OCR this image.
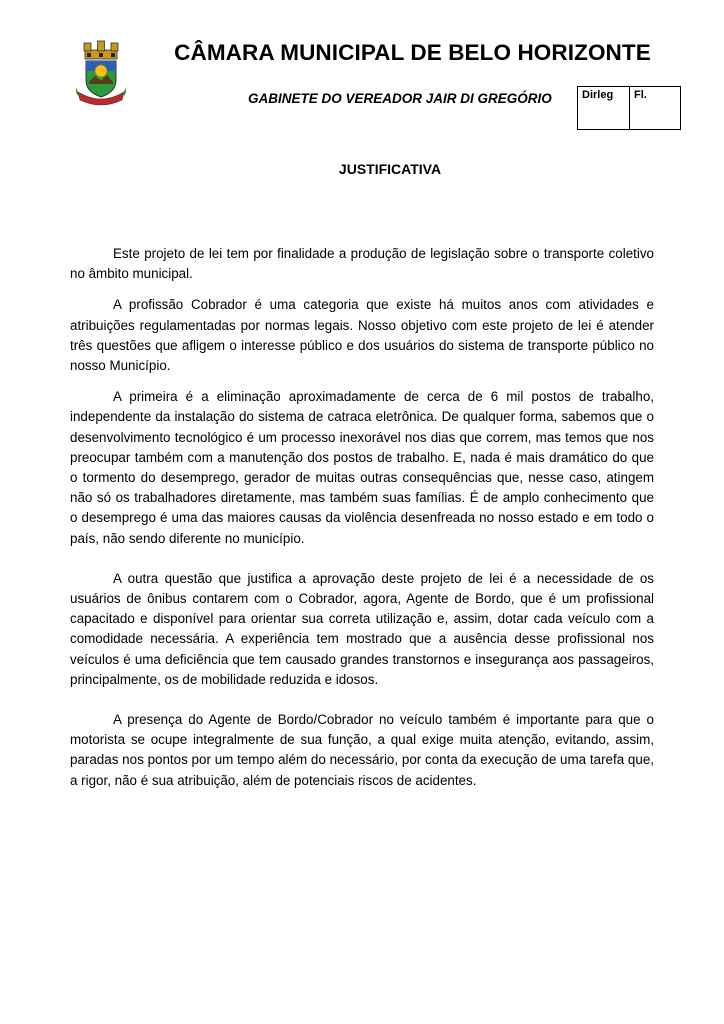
CÂMARA MUNICIPAL DE BELO HORIZONTE
GABINETE DO VEREADOR JAIR DI GREGÓRIO	Dirleg	Fl.
JUSTIFICATIVA

Este projeto de lei tem por finalidade a produção de legislação sobre o transporte coletivo no âmbito municipal.

A profissão Cobrador é uma categoria que existe há muitos anos com atividades e atribuições regulamentadas por normas legais. Nosso objetivo com este projeto de lei é atender três questões que afligem o interesse público e dos usuários do sistema de transporte público no nosso Município.

A primeira é a eliminação aproximadamente de cerca de 6 mil postos de trabalho, independente da instalação do sistema de catraca eletrônica. De qualquer forma, sabemos que o desenvolvimento tecnológico é um processo inexorável nos dias que correm, mas temos que nos preocupar também com a manutenção dos postos de trabalho. E, nada é mais dramático do que o tormento do desemprego, gerador de muitas outras consequências que, nesse caso, atingem não só os trabalhadores diretamente, mas também suas famílias. É de amplo conhecimento que o desemprego é uma das maiores causas da violência desenfreada no nosso estado e em todo o país, não sendo diferente no município.

A outra questão que justifica a aprovação deste projeto de lei é a necessidade de os usuários de ônibus contarem com o Cobrador, agora, Agente de Bordo, que é um profissional capacitado e disponível para orientar sua correta utilização e, assim, dotar cada veículo com a comodidade necessária. A experiência tem mostrado que a ausência desse profissional nos veículos é uma deficiência que tem causado grandes transtornos e insegurança aos passageiros, principalmente, os de mobilidade reduzida e idosos.

A presença do Agente de Bordo/Cobrador no veículo também é importante para que o motorista se ocupe integralmente de sua função, a qual exige muita atenção, evitando, assim, paradas nos pontos por um tempo além do necessário, por conta da execução de uma tarefa que, a rigor, não é sua atribuição, além de potenciais riscos de acidentes.
